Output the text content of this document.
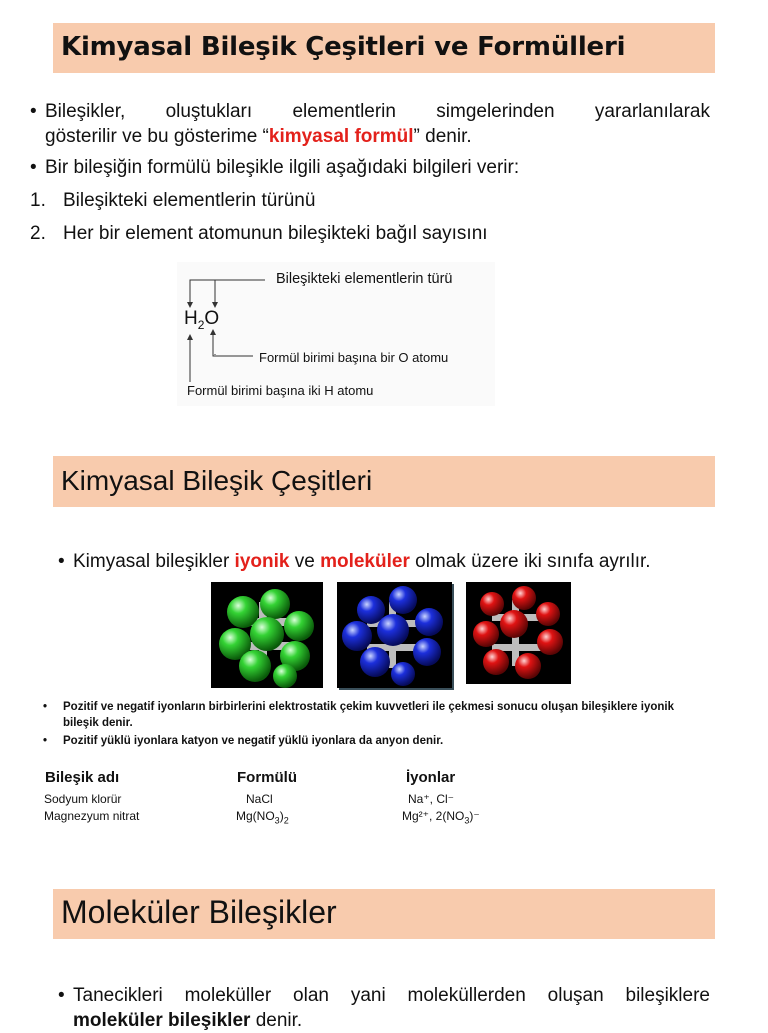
Kimyasal Bileşik Çeşitleri ve Formülleri
• Bileşikler, oluştukları elementlerin simgelerinden yararlanılarak
gösterilir ve bu gösterime “kimyasal formül” denir.
• Bir bileşiğin formülü bileşikle ilgili aşağıdaki bilgileri verir:
1. Bileşikteki elementlerin türünü
2. Her bir element atomunun bileşikteki bağıl sayısını
$H_2O$
Bileşikteki elementlerin türü
Formül birimi başına bir O atomu
Formül birimi başına iki H atomu
Kimyasal Bileşik Çeşitleri
• Kimyasal bileşikler iyonik ve moleküler olmak üzere iki sınıfa ayrılır.
• Pozitif ve negatif iyonların birbirlerini elektrostatik çekim kuvvetleri ile çekmesi sonucu oluşan bileşiklere iyonik bileşik denir.
• Pozitif yüklü iyonlara katyon ve negatif yüklü iyonlara da anyon denir.
Bileşik adı	Formülü	İyonlar
Sodyum klorür	NaCl	Na⁺, Cl⁻
Magnezyum nitrat	$Mg(NO_3)_2$	Mg²⁺, $2(NO_3)^-$
Moleküler Bileşikler
• Tanecikleri moleküller olan yani moleküllerden oluşan bileşiklere
moleküler bileşikler denir.
